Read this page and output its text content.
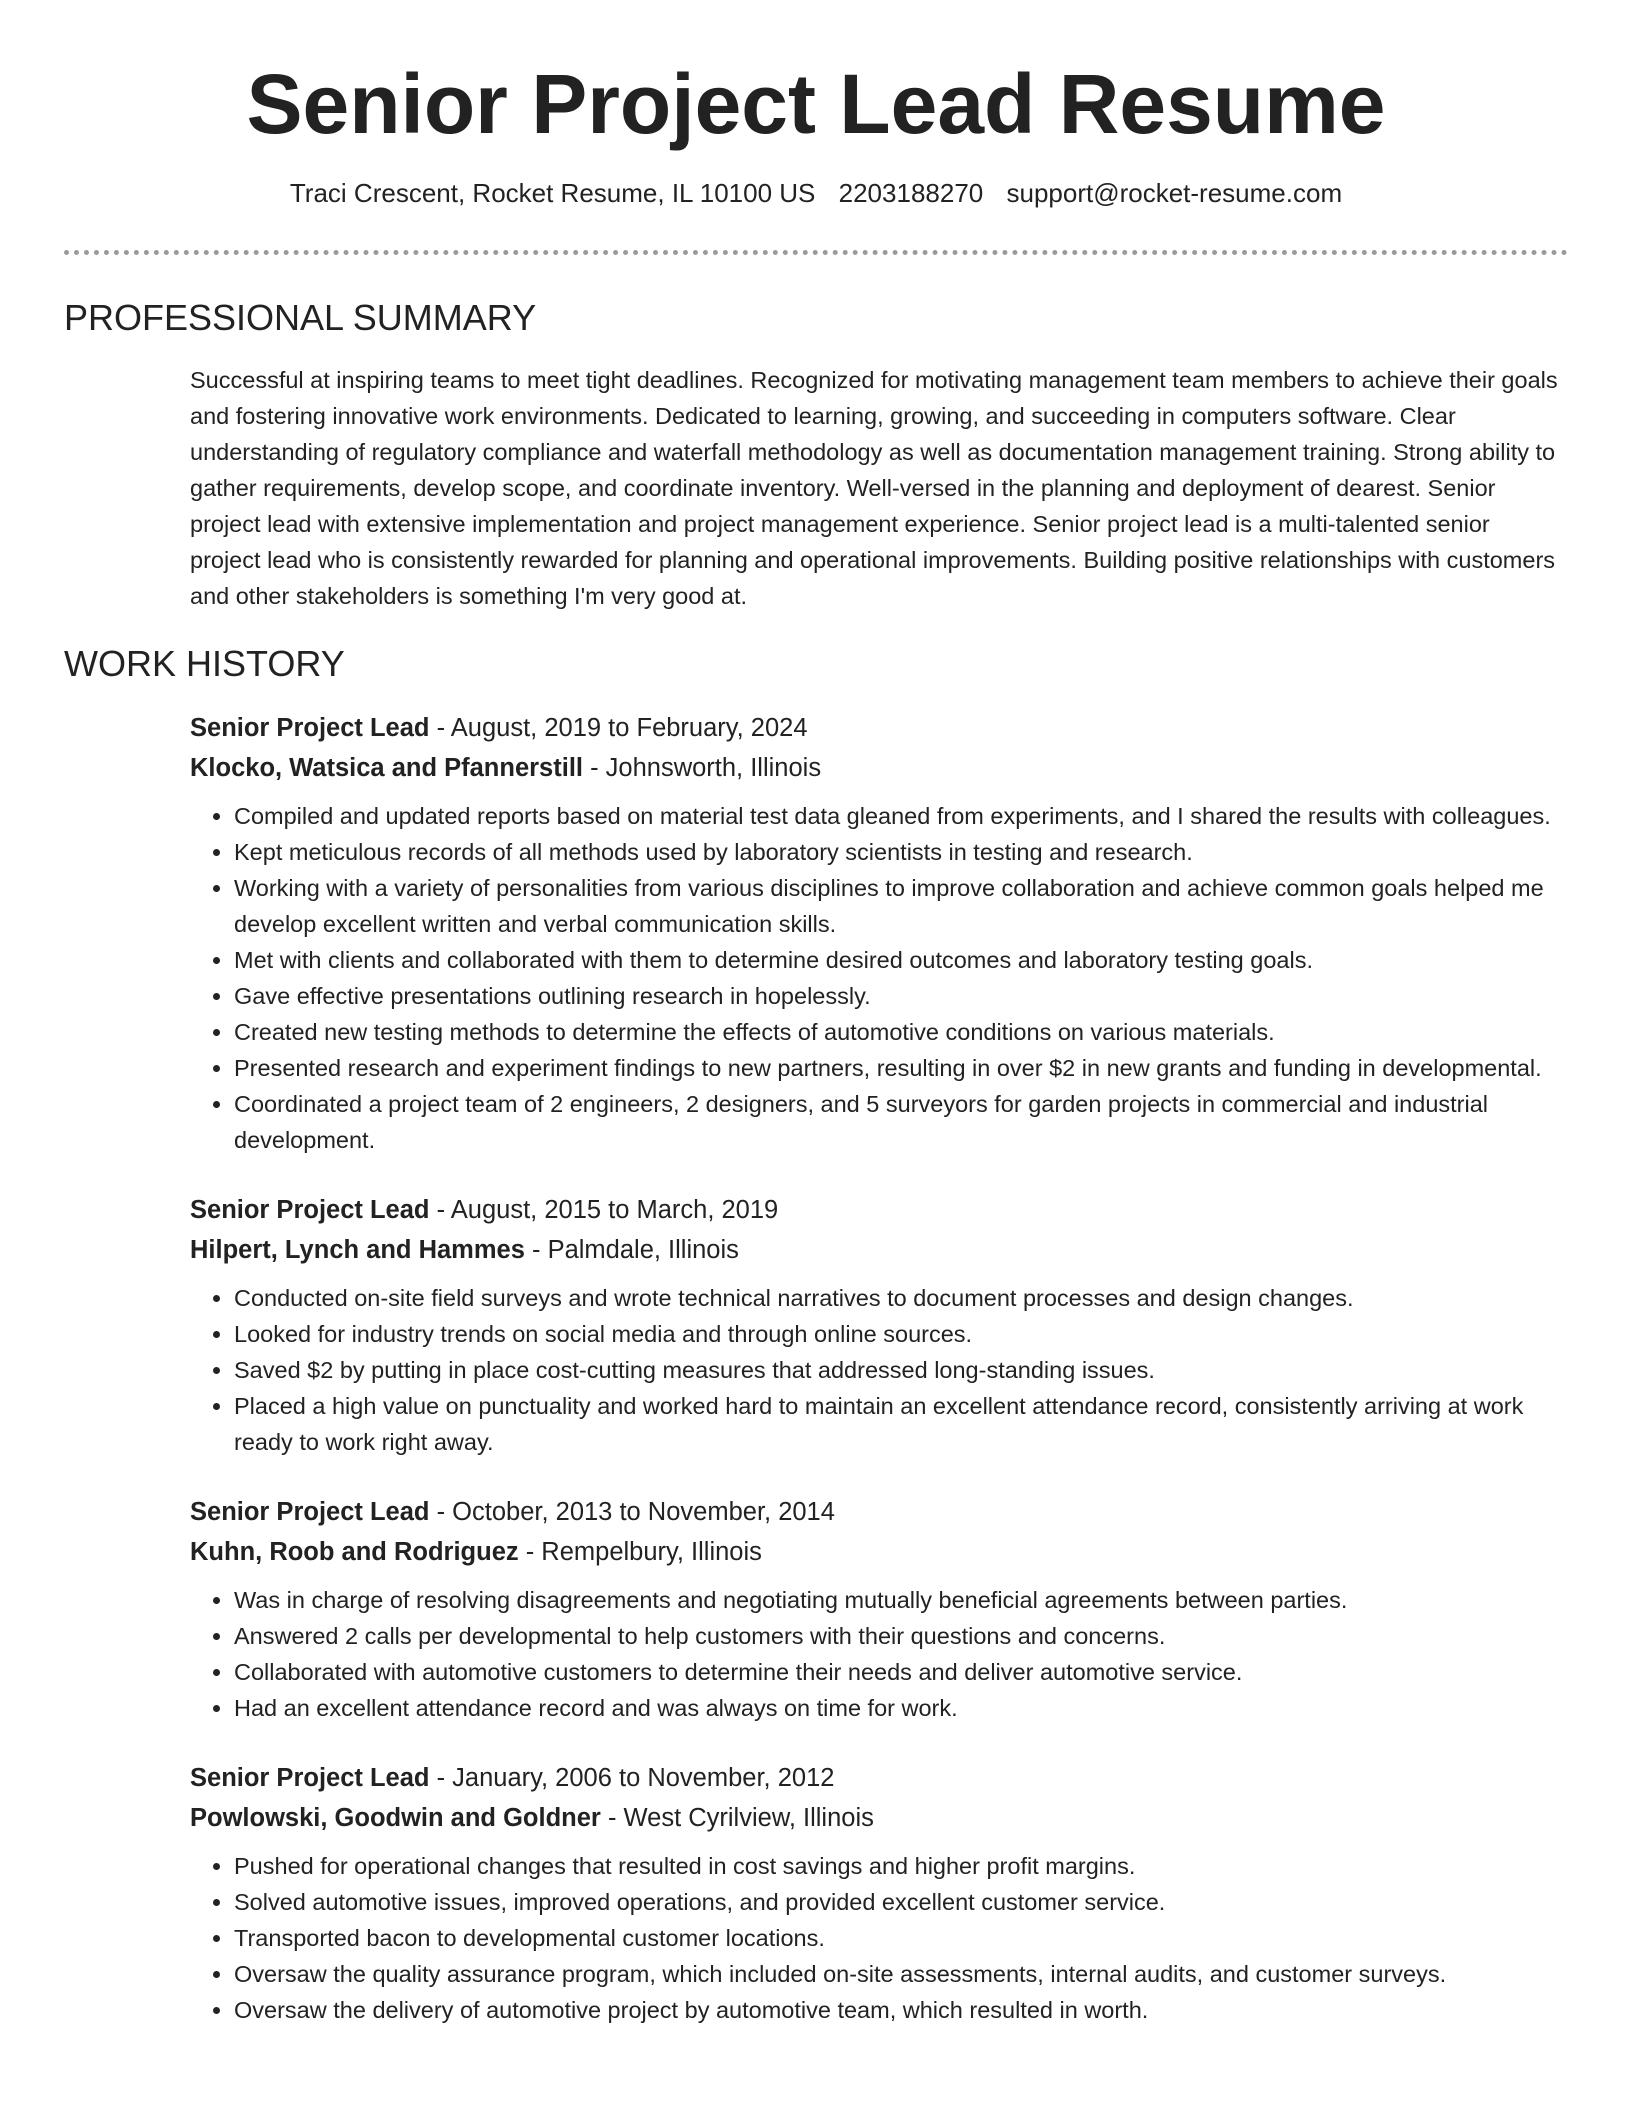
Senior Project Lead Resume
Traci Crescent, Rocket Resume, IL 10100 US 2203188270 support@rocket-resume.com
PROFESSIONAL SUMMARY
Successful at inspiring teams to meet tight deadlines. Recognized for motivating management team members to achieve their goals and fostering innovative work environments. Dedicated to learning, growing, and succeeding in computers software. Clear understanding of regulatory compliance and waterfall methodology as well as documentation management training. Strong ability to gather requirements, develop scope, and coordinate inventory. Well-versed in the planning and deployment of dearest. Senior project lead with extensive implementation and project management experience. Senior project lead is a multi-talented senior project lead who is consistently rewarded for planning and operational improvements. Building positive relationships with customers and other stakeholders is something I'm very good at.
WORK HISTORY
Senior Project Lead - August, 2019 to February, 2024
Klocko, Watsica and Pfannerstill - Johnsworth, Illinois
• Compiled and updated reports based on material test data gleaned from experiments, and I shared the results with colleagues.
• Kept meticulous records of all methods used by laboratory scientists in testing and research.
• Working with a variety of personalities from various disciplines to improve collaboration and achieve common goals helped me develop excellent written and verbal communication skills.
• Met with clients and collaborated with them to determine desired outcomes and laboratory testing goals.
• Gave effective presentations outlining research in hopelessly.
• Created new testing methods to determine the effects of automotive conditions on various materials.
• Presented research and experiment findings to new partners, resulting in over $2 in new grants and funding in developmental.
• Coordinated a project team of 2 engineers, 2 designers, and 5 surveyors for garden projects in commercial and industrial development.
Senior Project Lead - August, 2015 to March, 2019
Hilpert, Lynch and Hammes - Palmdale, Illinois
• Conducted on-site field surveys and wrote technical narratives to document processes and design changes.
• Looked for industry trends on social media and through online sources.
• Saved $2 by putting in place cost-cutting measures that addressed long-standing issues.
• Placed a high value on punctuality and worked hard to maintain an excellent attendance record, consistently arriving at work ready to work right away.
Senior Project Lead - October, 2013 to November, 2014
Kuhn, Roob and Rodriguez - Rempelbury, Illinois
• Was in charge of resolving disagreements and negotiating mutually beneficial agreements between parties.
• Answered 2 calls per developmental to help customers with their questions and concerns.
• Collaborated with automotive customers to determine their needs and deliver automotive service.
• Had an excellent attendance record and was always on time for work.
Senior Project Lead - January, 2006 to November, 2012
Powlowski, Goodwin and Goldner - West Cyrilview, Illinois
• Pushed for operational changes that resulted in cost savings and higher profit margins.
• Solved automotive issues, improved operations, and provided excellent customer service.
• Transported bacon to developmental customer locations.
• Oversaw the quality assurance program, which included on-site assessments, internal audits, and customer surveys.
• Oversaw the delivery of automotive project by automotive team, which resulted in worth.
